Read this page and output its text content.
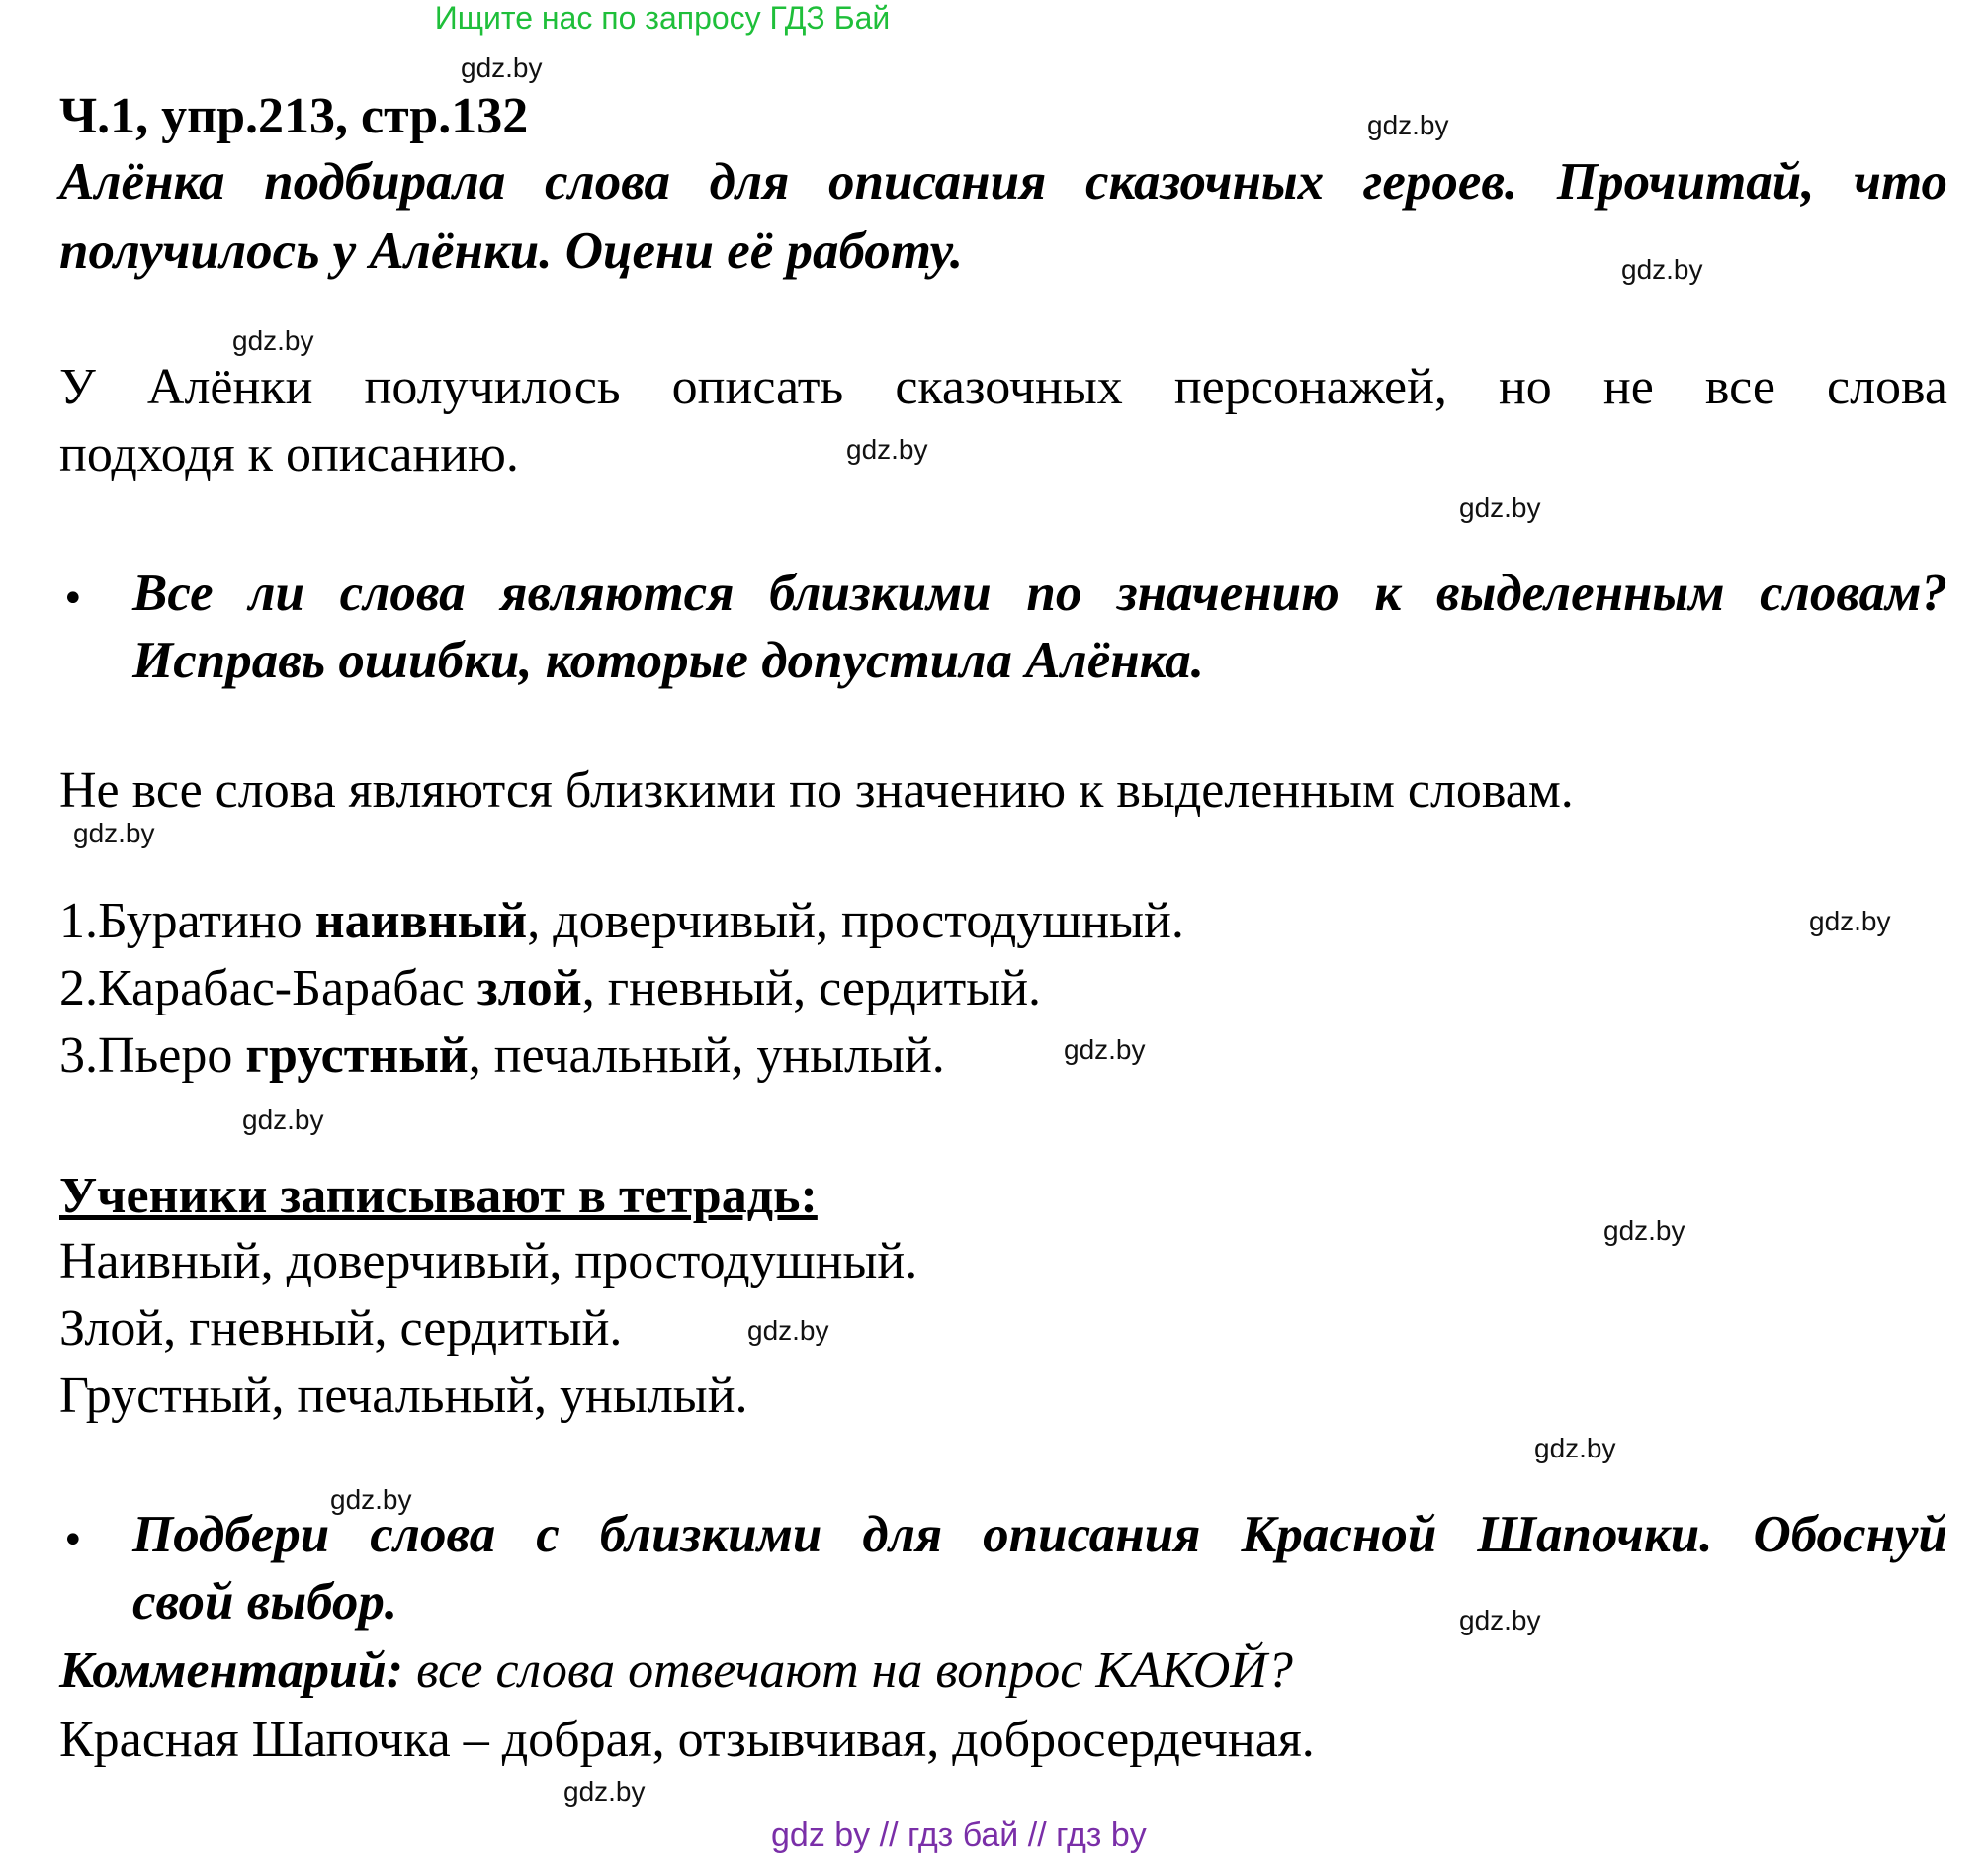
Ищите нас по запросу ГДЗ Бай
gdz.by
gdz.by
gdz.by
gdz.by
gdz.by
gdz.by
gdz.by
gdz.by
gdz.by
gdz.by
gdz.by
gdz.by
gdz.by
gdz.by
gdz.by
gdz.by
Ч.1, упр.213, стр.132
Алёнка подбирала слова для описания сказочных героев. Прочитай, что
получилось у Алёнки. Оцени её работу.
У Алёнки получилось описать сказочных персонажей, но не все слова
подходя к описанию.
• Все ли слова являются близкими по значению к выделенным словам?
Исправь ошибки, которые допустила Алёнка.
Не все слова являются близкими по значению к выделенным словам.
1.Буратино наивный, доверчивый, простодушный.
2.Карабас-Барабас злой, гневный, сердитый.
3.Пьеро грустный, печальный, унылый.
Ученики записывают в тетрадь:
Наивный, доверчивый, простодушный.
Злой, гневный, сердитый.
Грустный, печальный, унылый.
• Подбери слова с близкими для описания Красной Шапочки. Обоснуй
свой выбор.
Комментарий: все слова отвечают на вопрос КАКОЙ?
Красная Шапочка – добрая, отзывчивая, добросердечная.
gdz by // гдз бай // гдз by
